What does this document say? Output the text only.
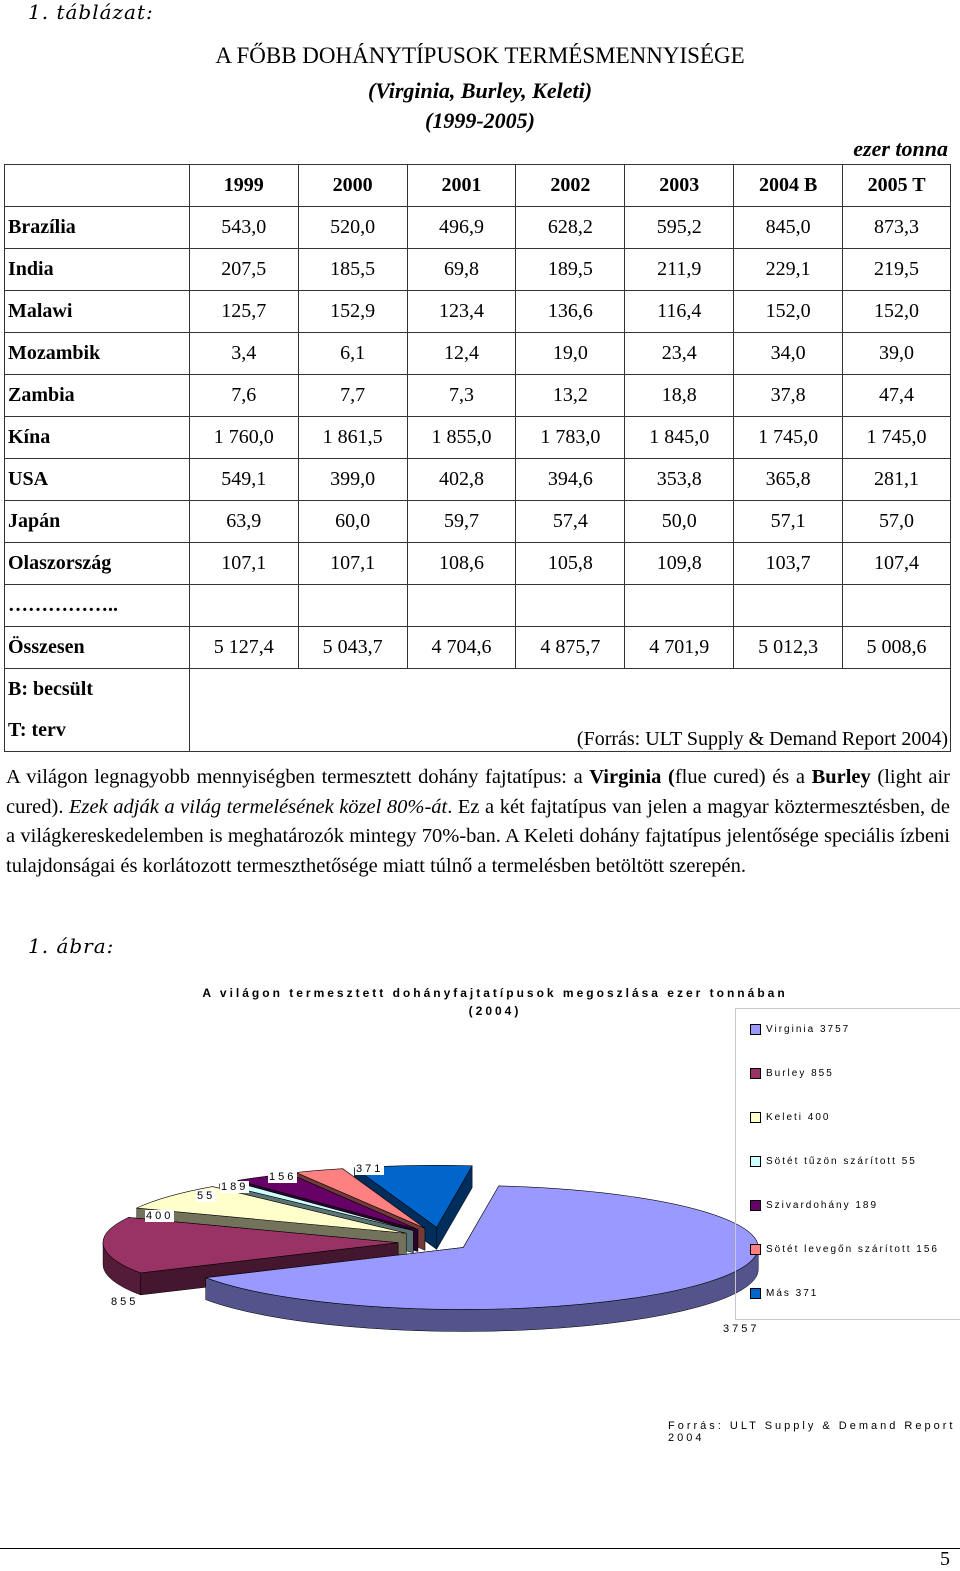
1. táblázat:
A FŐBB DOHÁNYTÍPUSOK TERMÉSMENNYISÉGE
(Virginia, Burley, Keleti)
(1999-2005)
ezer tonna
	1999	2000	2001	2002	2003	2004 B	2005 T
Brazília	543,0	520,0	496,9	628,2	595,2	845,0	873,3
India	207,5	185,5	69,8	189,5	211,9	229,1	219,5
Malawi	125,7	152,9	123,4	136,6	116,4	152,0	152,0
Mozambik	3,4	6,1	12,4	19,0	23,4	34,0	39,0
Zambia	7,6	7,7	7,3	13,2	18,8	37,8	47,4
Kína	1 760,0	1 861,5	1 855,0	1 783,0	1 845,0	1 745,0	1 745,0
USA	549,1	399,0	402,8	394,6	353,8	365,8	281,1
Japán	63,9	60,0	59,7	57,4	50,0	57,1	57,0
Olaszország	107,1	107,1	108,6	105,8	109,8	103,7	107,4
……………..							
Összesen	5 127,4	5 043,7	4 704,6	4 875,7	4 701,9	5 012,3	5 008,6
B: becsült	(Forrás: ULT Supply & Demand Report 2004)						
T: terv							
A világon legnagyobb mennyiségben termesztett dohány fajtatípus: a Virginia (flue cured) és a Burley (light air cured). Ezek adják a világ termelésének közel 80%-át. Ez a két fajtatípus van jelen a magyar köztermesztésben, de a világkereskedelemben is meghatározók mintegy 70%-ban. A Keleti dohány fajtatípus jelentősége speciális ízbeni tulajdonságai és korlátozott termeszthetősége miatt túlnő a termelésben betöltött szerepén.
1. ábra:
A világon termesztett dohányfajtatípusok megoszlása ezer tonnában (2004)
Virginia 3757
Burley 855
Keleti 400
Sötét tűzön szárított 55
Szivardohány 189
Sötét levegőn szárított 156
Más 371
3757
855
400
55
189
156
371
Forrás: ULT Supply & Demand Report 2004
5
